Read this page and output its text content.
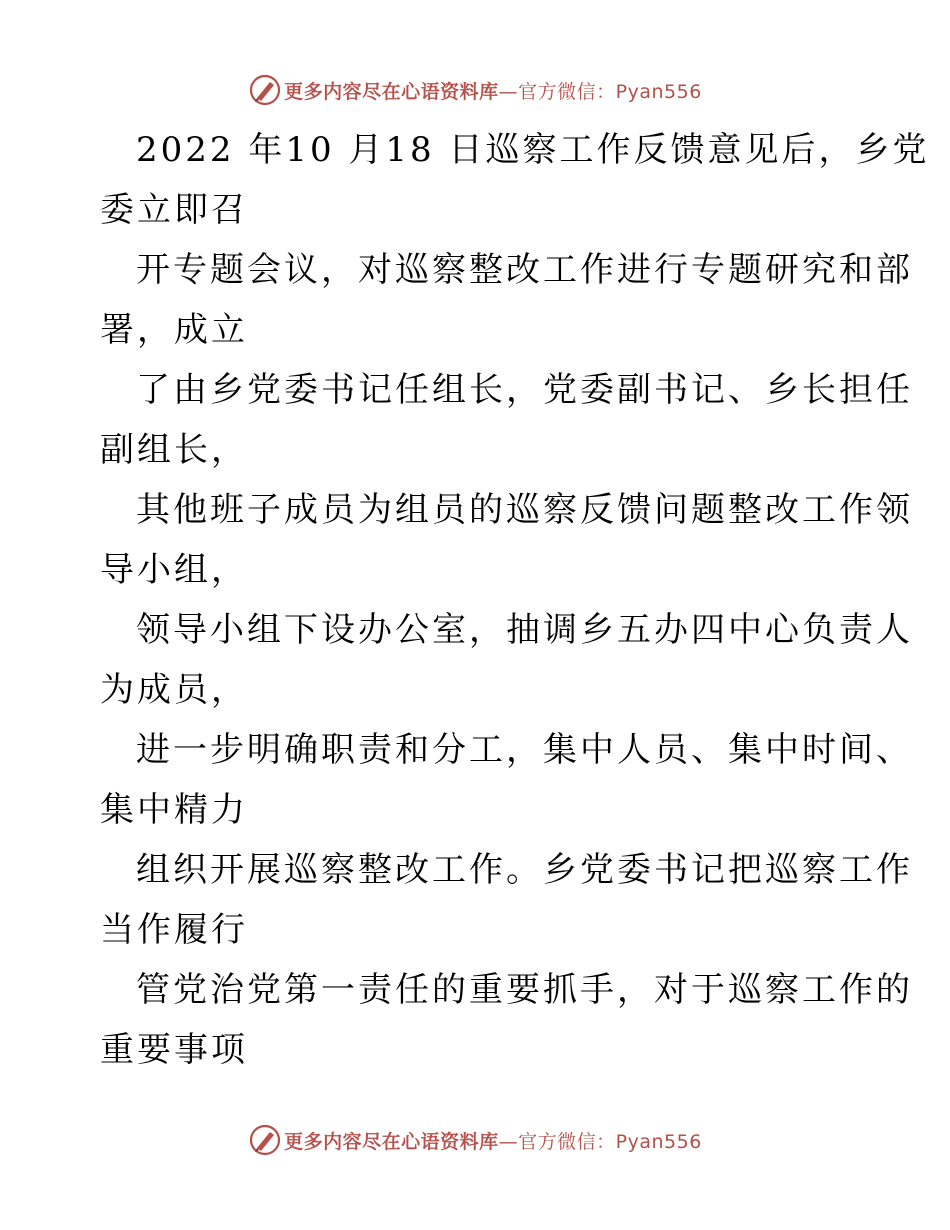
更多内容尽在心语资料库—官方微信：Pyan556

2022 年10 月18 日巡察工作反馈意见后，乡党
委立即召

开专题会议，对巡察整改工作进行专题研究和部
署，成立

了由乡党委书记任组长，党委副书记、乡长担任
副组长，

其他班子成员为组员的巡察反馈问题整改工作领
导小组，

领导小组下设办公室，抽调乡五办四中心负责人
为成员，

进一步明确职责和分工，集中人员、集中时间、
集中精力

组织开展巡察整改工作。乡党委书记把巡察工作
当作履行

管党治党第一责任的重要抓手，对于巡察工作的
重要事项

更多内容尽在心语资料库—官方微信：Pyan556
